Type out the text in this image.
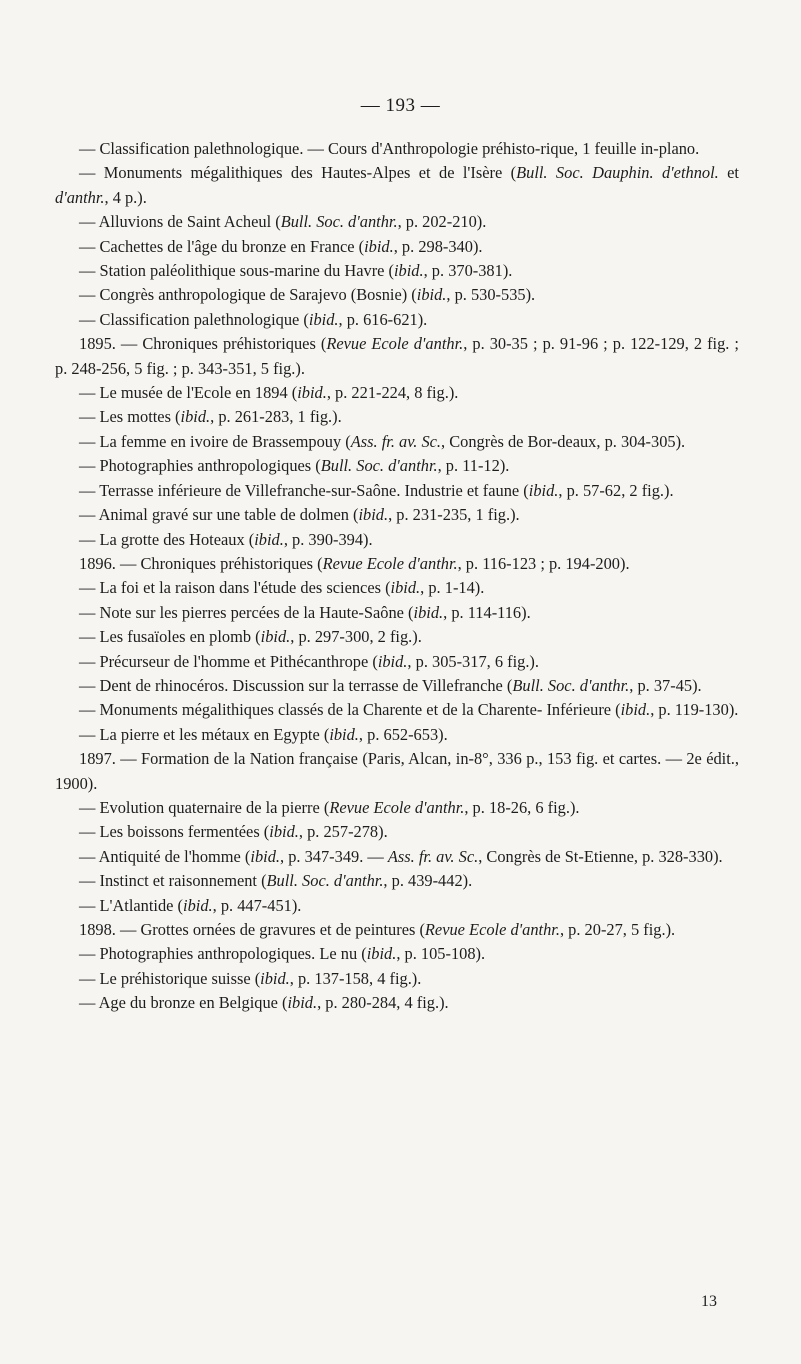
— 193 —

— Classification palethnologique. — Cours d'Anthropologie préhisto-rique, 1 feuille in-plano.

— Monuments mégalithiques des Hautes-Alpes et de l'Isère (Bull. Soc. Dauphin. d'ethnol. et d'anthr., 4 p.).

— Alluvions de Saint Acheul (Bull. Soc. d'anthr., p. 202-210).

— Cachettes de l'âge du bronze en France (ibid., p. 298-340).

— Station paléolithique sous-marine du Havre (ibid., p. 370-381).

— Congrès anthropologique de Sarajevo (Bosnie) (ibid., p. 530-535).

— Classification palethnologique (ibid., p. 616-621).

1895. — Chroniques préhistoriques (Revue Ecole d'anthr., p. 30-35 ; p. 91-96 ; p. 122-129, 2 fig. ; p. 248-256, 5 fig. ; p. 343-351, 5 fig.).

— Le musée de l'Ecole en 1894 (ibid., p. 221-224, 8 fig.).

— Les mottes (ibid., p. 261-283, 1 fig.).

— La femme en ivoire de Brassempouy (Ass. fr. av. Sc., Congrès de Bor-deaux, p. 304-305).

— Photographies anthropologiques (Bull. Soc. d'anthr., p. 11-12).

— Terrasse inférieure de Villefranche-sur-Saône. Industrie et faune (ibid., p. 57-62, 2 fig.).

— Animal gravé sur une table de dolmen (ibid., p. 231-235, 1 fig.).

— La grotte des Hoteaux (ibid., p. 390-394).

1896. — Chroniques préhistoriques (Revue Ecole d'anthr., p. 116-123 ; p. 194-200).

— La foi et la raison dans l'étude des sciences (ibid., p. 1-14).

— Note sur les pierres percées de la Haute-Saône (ibid., p. 114-116).

— Les fusaïoles en plomb (ibid., p. 297-300, 2 fig.).

— Précurseur de l'homme et Pithécanthrope (ibid., p. 305-317, 6 fig.).

— Dent de rhinocéros. Discussion sur la terrasse de Villefranche (Bull. Soc. d'anthr., p. 37-45).

— Monuments mégalithiques classés de la Charente et de la Charente- Inférieure (ibid., p. 119-130).

— La pierre et les métaux en Egypte (ibid., p. 652-653).

1897. — Formation de la Nation française (Paris, Alcan, in-8°, 336 p., 153 fig. et cartes. — 2e édit., 1900).

— Evolution quaternaire de la pierre (Revue Ecole d'anthr., p. 18-26, 6 fig.).

— Les boissons fermentées (ibid., p. 257-278).

— Antiquité de l'homme (ibid., p. 347-349. — Ass. fr. av. Sc., Congrès de St-Etienne, p. 328-330).

— Instinct et raisonnement (Bull. Soc. d'anthr., p. 439-442).

— L'Atlantide (ibid., p. 447-451).

1898. — Grottes ornées de gravures et de peintures (Revue Ecole d'anthr., p. 20-27, 5 fig.).

— Photographies anthropologiques. Le nu (ibid., p. 105-108).

— Le préhistorique suisse (ibid., p. 137-158, 4 fig.).

— Age du bronze en Belgique (ibid., p. 280-284, 4 fig.).

13
